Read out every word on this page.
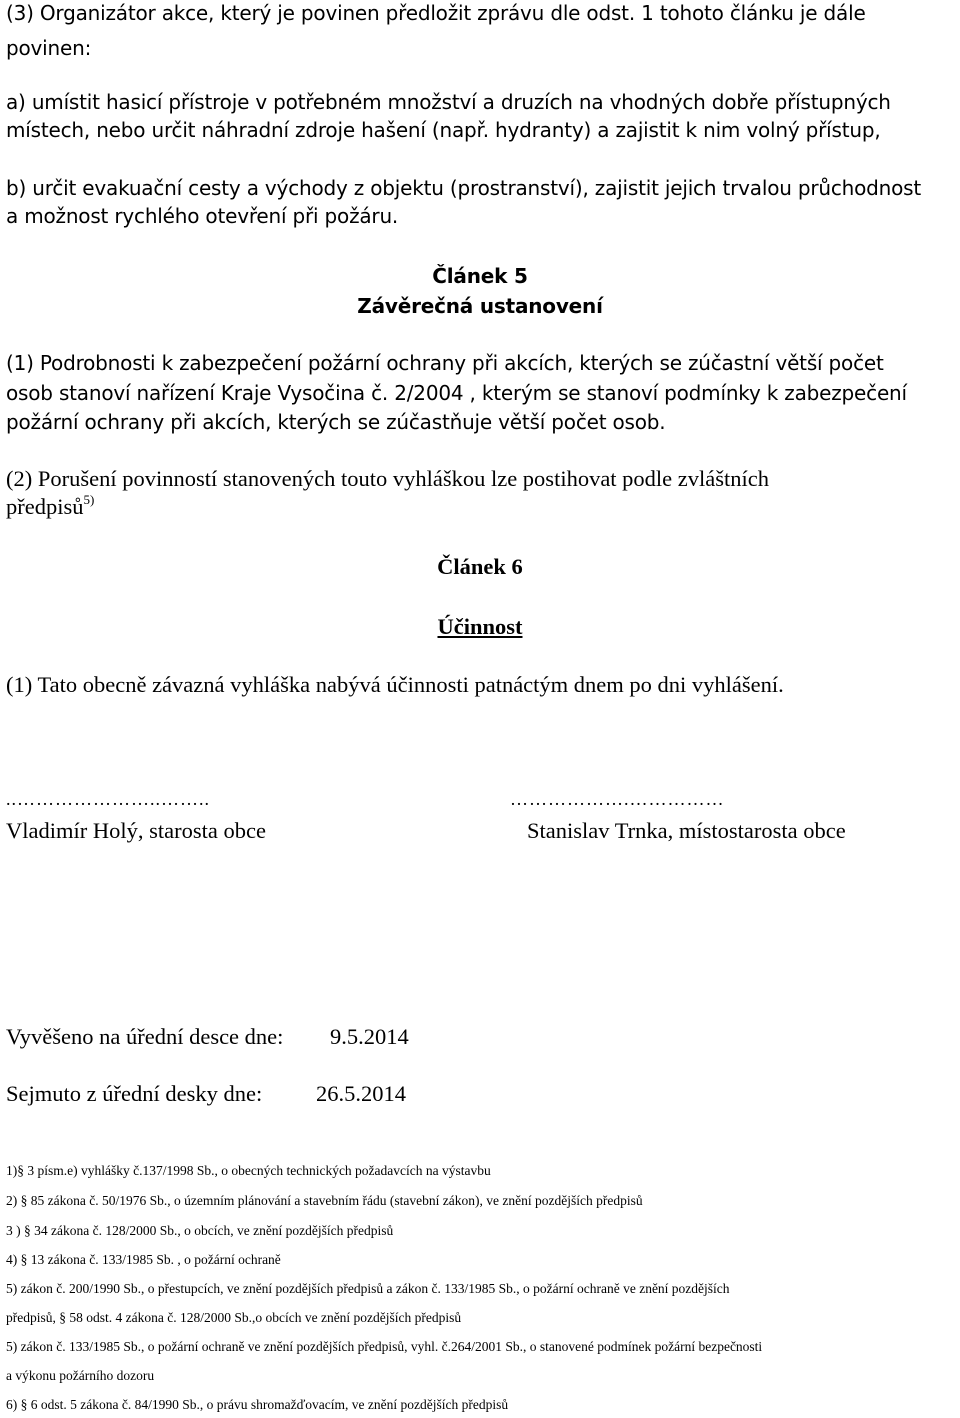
(3) Organizátor akce, který je povinen předložit zprávu dle odst. 1 tohoto článku je dále
povinen:
a) umístit hasicí přístroje v potřebném množství a druzích na vhodných dobře přístupných
místech, nebo určit náhradní zdroje hašení (např. hydranty) a zajistit k nim volný přístup,
b) určit evakuační cesty a východy z objektu (prostranství), zajistit jejich trvalou průchodnost
a možnost rychlého otevření při požáru.
Článek 5
Závěrečná ustanovení
(1) Podrobnosti k zabezpečení požární ochrany při akcích, kterých se zúčastní větší počet
osob stanoví nařízení Kraje Vysočina č. 2/2004 , kterým se stanoví podmínky k zabezpečení
požární ochrany při akcích, kterých se zúčastňuje větší počet osob.
(2) Porušení povinností stanovených touto vyhláškou lze postihovat podle zvláštních
předpisů$^{5)}$
Článek 6
Účinnost
(1) Tato obecně závazná vyhláška nabývá účinnosti patnáctým dnem po dni vyhlášení.
..…………………..……..	……………….……………
Vladimír Holý, starosta obce	Stanislav Trnka, místostarosta obce
Vyvěšeno na úřední desce dne: 9.5.2014
Sejmuto z úřední desky dne: 26.5.2014
1)§ 3 písm.e) vyhlášky č.137/1998 Sb., o obecných technických požadavcích na výstavbu
2) § 85 zákona č. 50/1976 Sb., o územním plánování a stavebním řádu (stavební zákon), ve znění pozdějších předpisů
3 ) § 34 zákona č. 128/2000 Sb., o obcích, ve znění pozdějších předpisů
4) § 13 zákona č. 133/1985 Sb. , o požární ochraně
5) zákon č. 200/1990 Sb., o přestupcích, ve znění pozdějších předpisů a zákon č. 133/1985 Sb., o požární ochraně ve znění pozdějších
předpisů, § 58 odst. 4 zákona č. 128/2000 Sb.,o obcích ve znění pozdějších předpisů
5) zákon č. 133/1985 Sb., o požární ochraně ve znění pozdějších předpisů, vyhl. č.264/2001 Sb., o stanovené podmínek požární bezpečnosti
a výkonu požárního dozoru
6) § 6 odst. 5 zákona č. 84/1990 Sb., o právu shromažďovacím, ve znění pozdějších předpisů
